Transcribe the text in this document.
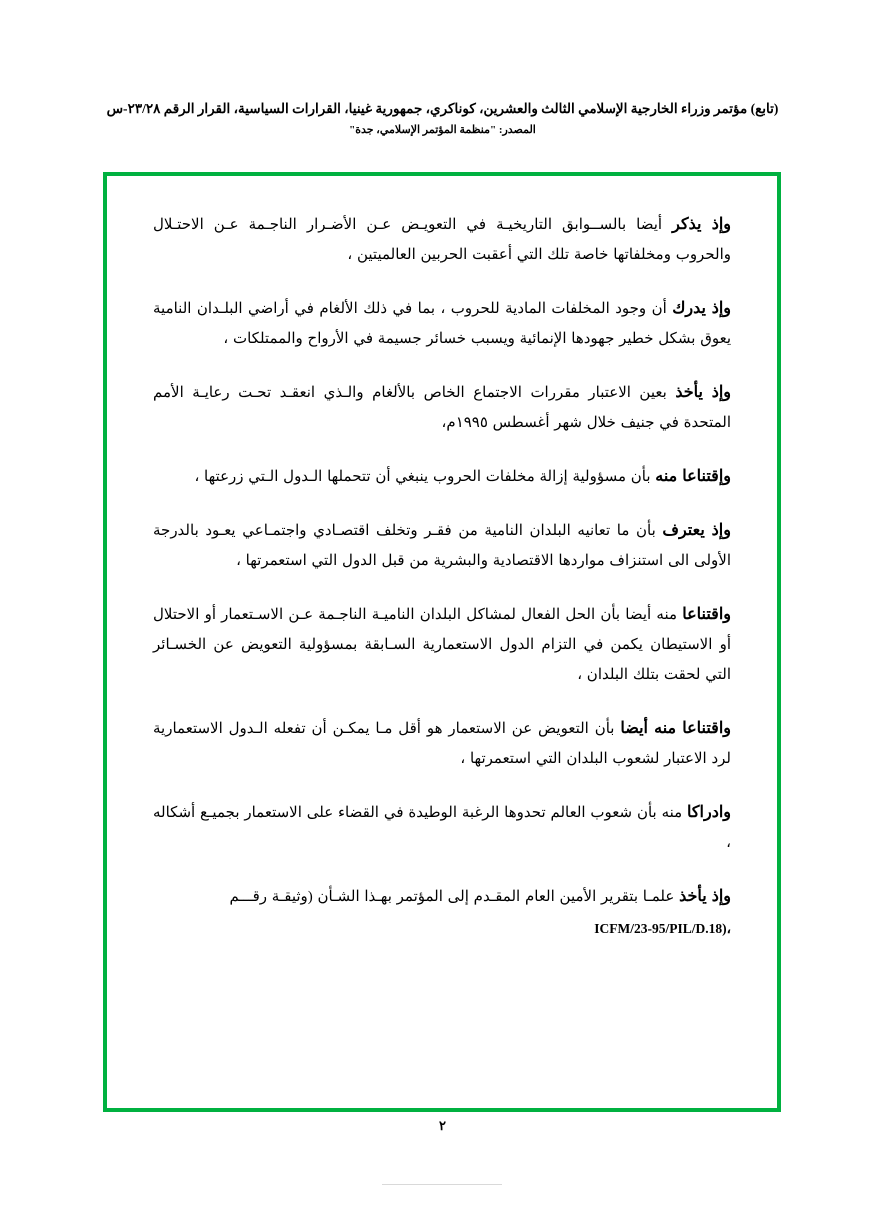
(تابع) مؤتمر وزراء الخارجية الإسلامي الثالث والعشرين، كوناكري، جمهورية غينيا، القرارات السياسية، القرار الرقم ٢٣/٢٨-س
المصدر: "منظمة المؤتمر الإسلامي، جدة"

وإذ يذكر أيضا بالســوابق التاريخيـة في التعويـض عـن الأضـرار الناجـمة عـن الاحتـلال والحروب ومخلفاتها خاصة تلك التي أعقبت الحربين العالميتين ،

وإذ يدرك أن وجود المخلفات المادية للحروب ، بما في ذلك الألغام في أراضي البلـدان النامية يعوق بشكل خطير جهودها الإنمائية ويسبب خسائر جسيمة في الأرواح والممتلكات ،

وإذ يأخذ بعين الاعتبار مقررات الاجتماع الخاص بالألغام والـذي انعقـد تحـت رعايـة الأمم المتحدة في جنيف خلال شهر أغسطس ١٩٩٥م،

وإقتناعا منه بأن مسؤولية إزالة مخلفات الحروب ينبغي أن تتحملها الـدول الـتي زرعتها ،

وإذ يعترف بأن ما تعانيه البلدان النامية من فقـر وتخلف اقتصـادي واجتمـاعي يعـود بالدرجة الأولى الى استنزاف مواردها الاقتصادية والبشرية من قبل الدول التي استعمرتها ،

واقتناعا منه أيضا بأن الحل الفعال لمشاكل البلدان الناميـة الناجـمة عـن الاسـتعمار أو الاحتلال أو الاستيطان يكمن في التزام الدول الاستعمارية السـابقة بمسؤولية التعويض عن الخسـائر التي لحقت بتلك البلدان ،

واقتناعا منه أيضا بأن التعويض عن الاستعمار هو أقل مـا يمكـن أن تفعله الـدول الاستعمارية لرد الاعتبار لشعوب البلدان التي استعمرتها ،

وادراكا منه بأن شعوب العالم تحدوها الرغبة الوطيدة في القضاء على الاستعمار بجميـع أشكاله ،

وإذ يأخذ علمـا بتقرير الأمين العام المقـدم إلى المؤتمر بهـذا الشـأن (وثيقـة رقـــم
ICFM/23-95/PIL/D.18)،

٢
